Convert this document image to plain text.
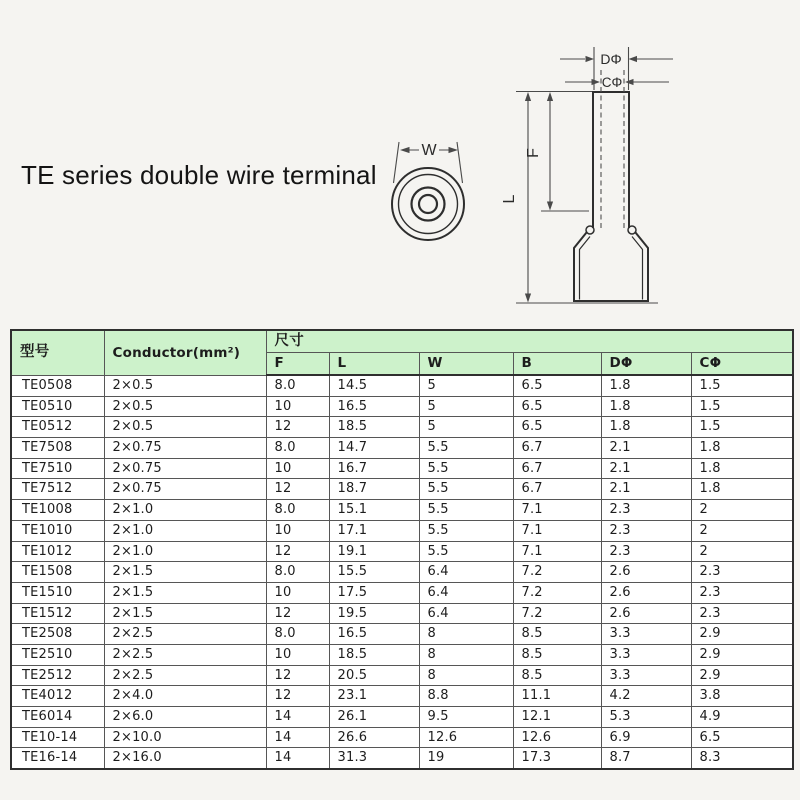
TE series double wire terminal
W
DΦ
CΦ
L
F
型号	Conductor(mm²)	尺寸					
		F	L	W	B	DΦ	CΦ
TE0508	2×0.5	8.0	14.5	5	6.5	1.8	1.5
TE0510	2×0.5	10	16.5	5	6.5	1.8	1.5
TE0512	2×0.5	12	18.5	5	6.5	1.8	1.5
TE7508	2×0.75	8.0	14.7	5.5	6.7	2.1	1.8
TE7510	2×0.75	10	16.7	5.5	6.7	2.1	1.8
TE7512	2×0.75	12	18.7	5.5	6.7	2.1	1.8
TE1008	2×1.0	8.0	15.1	5.5	7.1	2.3	2
TE1010	2×1.0	10	17.1	5.5	7.1	2.3	2
TE1012	2×1.0	12	19.1	5.5	7.1	2.3	2
TE1508	2×1.5	8.0	15.5	6.4	7.2	2.6	2.3
TE1510	2×1.5	10	17.5	6.4	7.2	2.6	2.3
TE1512	2×1.5	12	19.5	6.4	7.2	2.6	2.3
TE2508	2×2.5	8.0	16.5	8	8.5	3.3	2.9
TE2510	2×2.5	10	18.5	8	8.5	3.3	2.9
TE2512	2×2.5	12	20.5	8	8.5	3.3	2.9
TE4012	2×4.0	12	23.1	8.8	11.1	4.2	3.8
TE6014	2×6.0	14	26.1	9.5	12.1	5.3	4.9
TE10-14	2×10.0	14	26.6	12.6	12.6	6.9	6.5
TE16-14	2×16.0	14	31.3	19	17.3	8.7	8.3
